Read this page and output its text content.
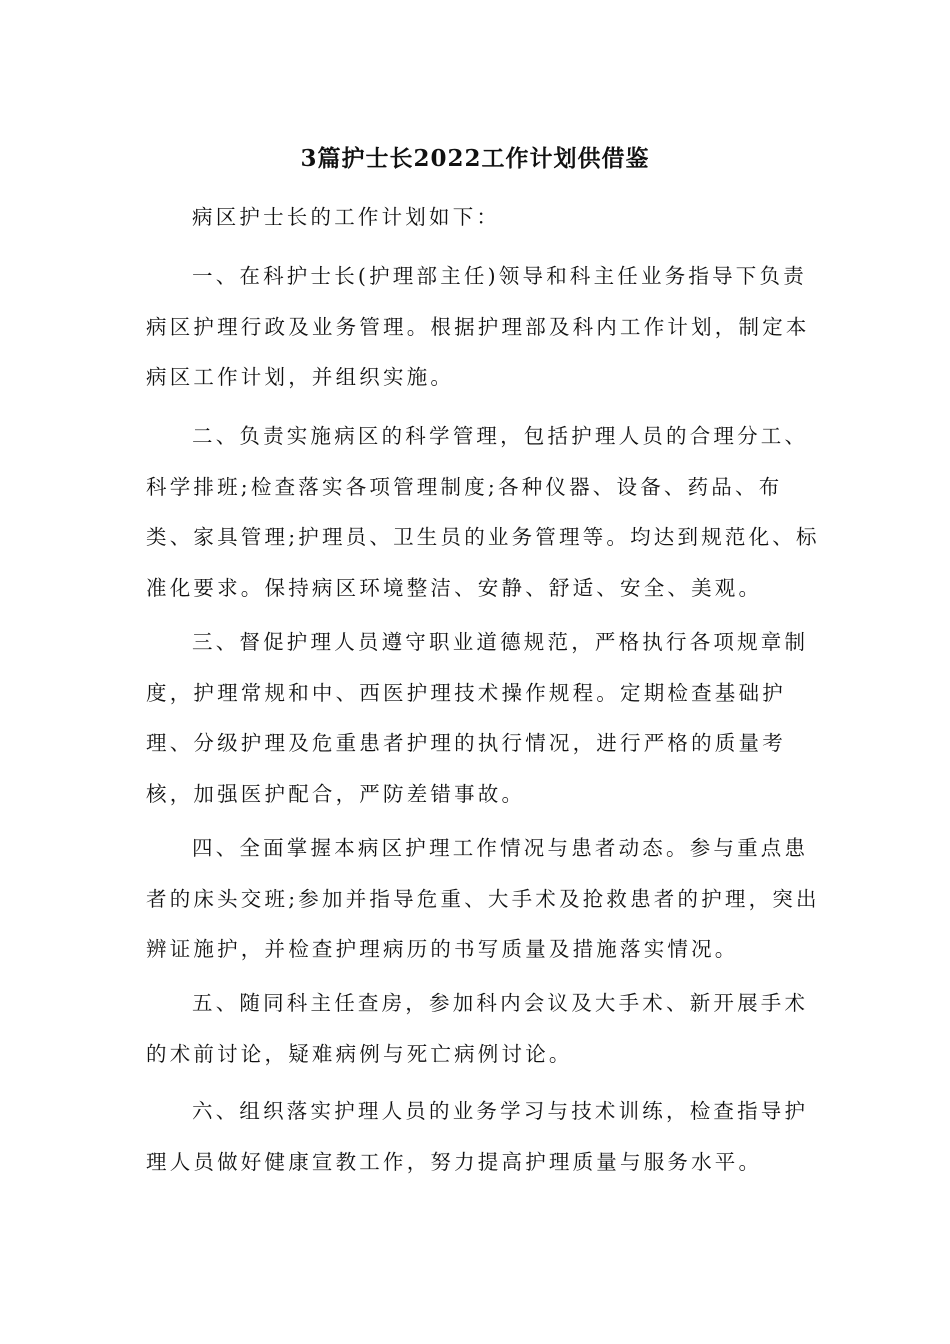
3篇护士长2022工作计划供借鉴
病区护士长的工作计划如下：
一、在科护士长(护理部主任)领导和科主任业务指导下负责病区护理行政及业务管理。根据护理部及科内工作计划，制定本病区工作计划，并组织实施。
二、负责实施病区的科学管理，包括护理人员的合理分工、科学排班;检查落实各项管理制度;各种仪器、设备、药品、布类、家具管理;护理员、卫生员的业务管理等。均达到规范化、标准化要求。保持病区环境整洁、安静、舒适、安全、美观。
三、督促护理人员遵守职业道德规范，严格执行各项规章制度，护理常规和中、西医护理技术操作规程。定期检查基础护理、分级护理及危重患者护理的执行情况，进行严格的质量考核，加强医护配合，严防差错事故。
四、全面掌握本病区护理工作情况与患者动态。参与重点患者的床头交班;参加并指导危重、大手术及抢救患者的护理，突出辨证施护，并检查护理病历的书写质量及措施落实情况。
五、随同科主任查房，参加科内会议及大手术、新开展手术的术前讨论，疑难病例与死亡病例讨论。
六、组织落实护理人员的业务学习与技术训练，检查指导护理人员做好健康宣教工作，努力提高护理质量与服务水平。
